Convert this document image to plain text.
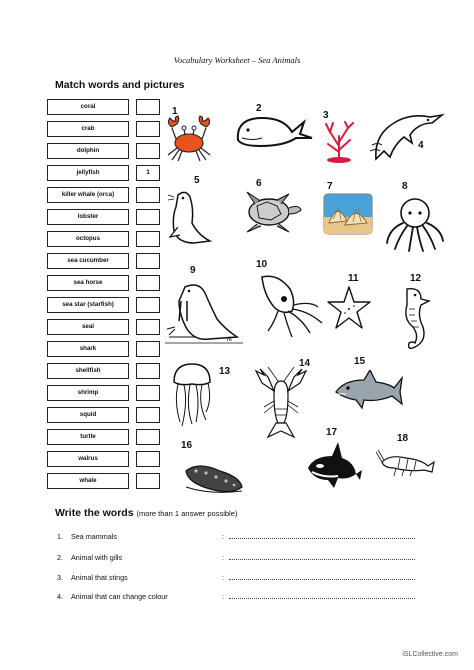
Vocabulary Worksheet – Sea Animals
Match words and pictures
coral
crab
dolphin
jellyfish	1
killer whale (orca)
lobster
octopus
sea cucumber
sea horse
sea star (starfish)
seal
shark
shellfish
shrimp
squid
turtle
walrus
whale
1	2
3
4
5	6	7	8
9
10
11	12
13
14	15
16
17
18
rk
Write the words (more than 1 answer possible)
1. Sea mammals	:
2. Animal with gills	:
3. Animal that stings	:
4. Animal that can change colour	:
iSLCollective.com
